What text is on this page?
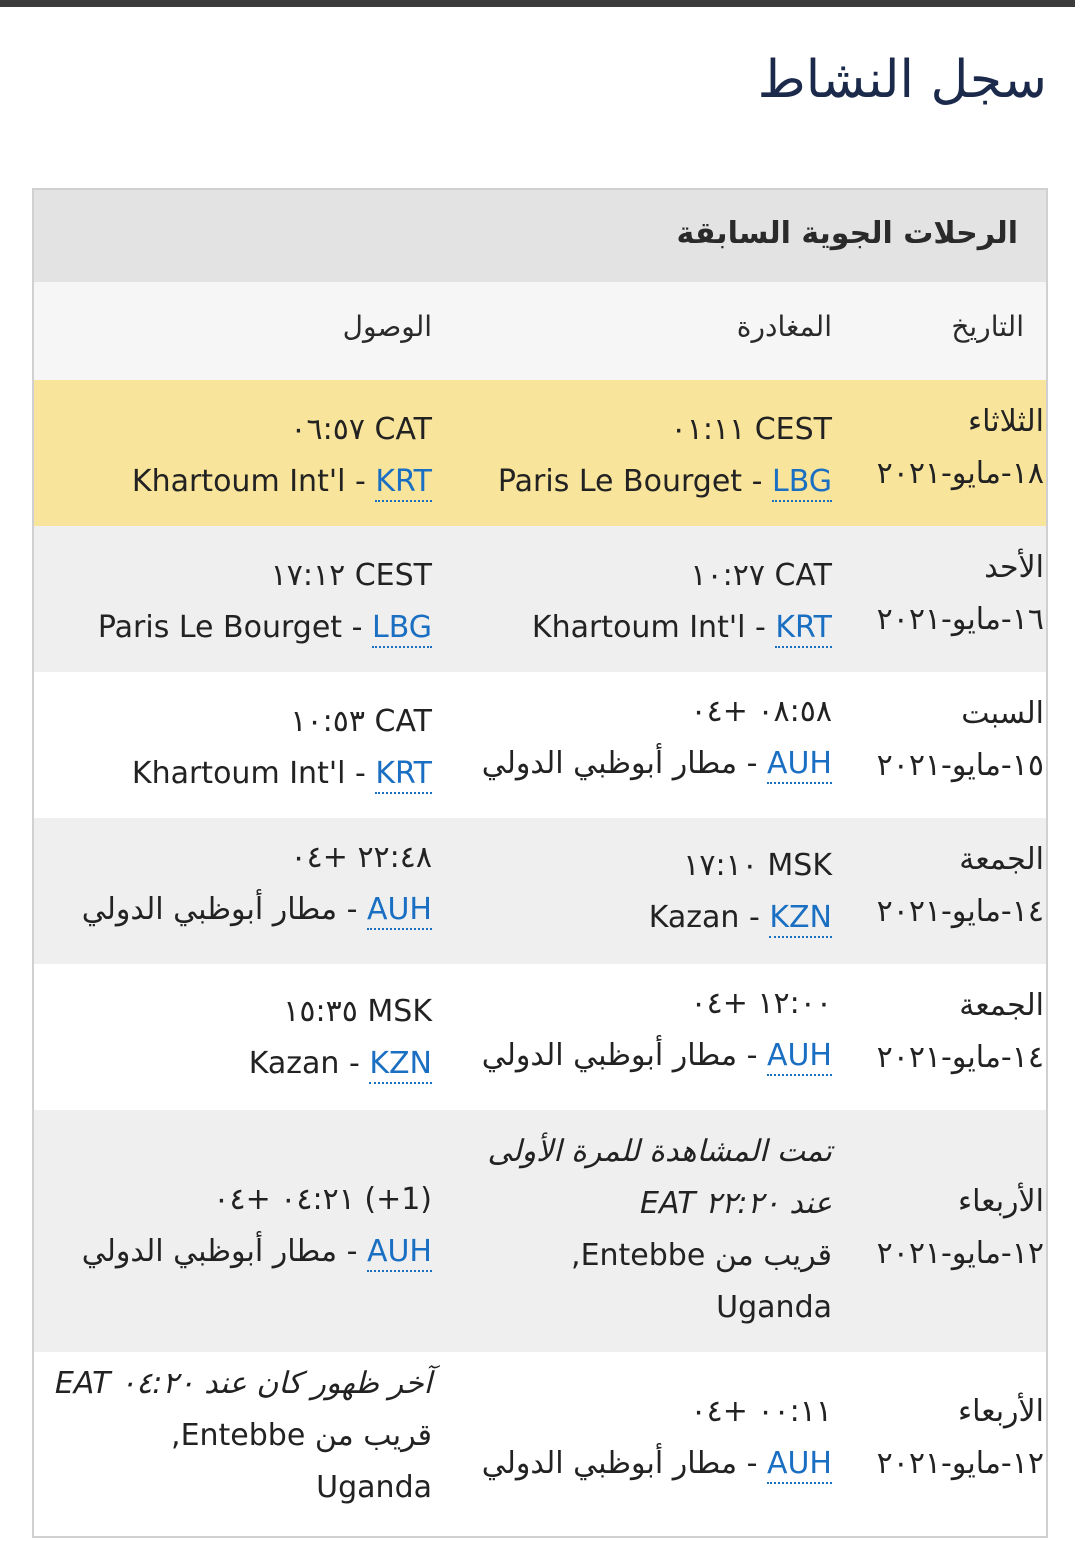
سجل النشاط
الرحلات الجوية السابقة
التاريخ
المغادرة
الوصول
الثلاثاء
١٨-مايو-٢٠٢١
٠١:١١ CEST
Paris Le Bourget - LBG
٠٦:٥٧ CAT
Khartoum Int'l - KRT
الأحد
١٦-مايو-٢٠٢١
١٠:٢٧ CAT
Khartoum Int'l - KRT
١٧:١٢ CEST
Paris Le Bourget - LBG
السبت
١٥-مايو-٢٠٢١
٠٨:٥٨ +٠٤
مطار أبوظبي الدولي - AUH
١٠:٥٣ CAT
Khartoum Int'l - KRT
الجمعة
١٤-مايو-٢٠٢١
١٧:١٠ MSK
Kazan - KZN
٢٢:٤٨ +٠٤
مطار أبوظبي الدولي - AUH
الجمعة
١٤-مايو-٢٠٢١
١٢:٠٠ +٠٤
مطار أبوظبي الدولي - AUH
١٥:٣٥ MSK
Kazan - KZN
الأربعاء
١٢-مايو-٢٠٢١
تمت المشاهدة للمرة الأولى
عند ٢٢:٢٠ EAT
قريب من Entebbe,
Uganda
٠٤:٢١ +٠٤ (+1)
مطار أبوظبي الدولي - AUH
الأربعاء
١٢-مايو-٢٠٢١
٠٠:١١ +٠٤
مطار أبوظبي الدولي - AUH
آخر ظهور كان عند ٠٤:٢٠ EAT
قريب من Entebbe,
Uganda
